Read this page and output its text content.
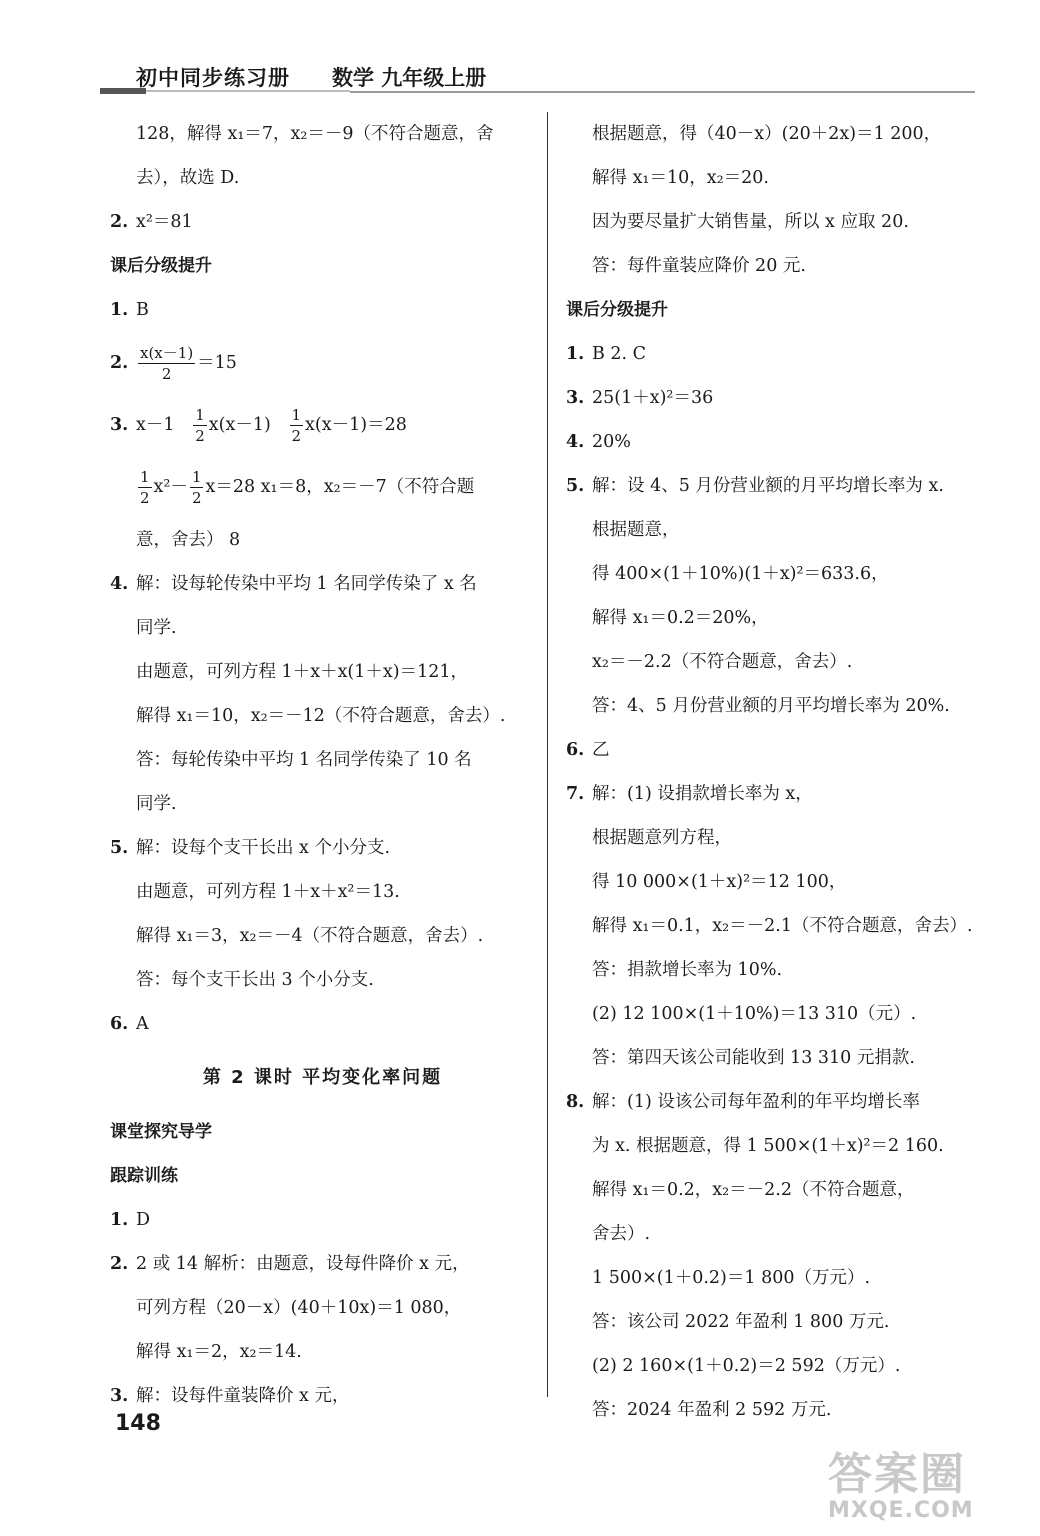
初中同步练习册 数学 九年级上册
128，解得 x₁＝7，x₂＝－9（不符合题意，舍
去），故选 D.
2. x²＝81
课后分级提升
1. B
2. $\frac{x(x-1)}{2} =15$
3. $x-1 \frac{1}{2} x(x-1) \frac{1}{2} x(x-1)=28$
$\frac{1}{2} x^2- \frac{1}{2} x=28$ x₁＝8，x₂＝－7（不符合题
意，舍去） 8
4. 解：设每轮传染中平均 1 名同学传染了 x 名
同学.
由题意，可列方程 1＋x＋x(1＋x)＝121，
解得 x₁＝10，x₂＝－12（不符合题意，舍去）.
答：每轮传染中平均 1 名同学传染了 10 名
同学.
5. 解：设每个支干长出 x 个小分支.
由题意，可列方程 1＋x＋x²＝13.
解得 x₁＝3，x₂＝－4（不符合题意，舍去）.
答：每个支干长出 3 个小分支.
6. A
第 2 课时 平均变化率问题
课堂探究导学
跟踪训练
1. D
2. 2 或 14 解析：由题意，设每件降价 x 元，
可列方程（20－x）(40＋10x)＝1 080，
解得 x₁＝2，x₂＝14.
3. 解：设每件童装降价 x 元，
根据题意，得（40－x）(20＋2x)＝1 200，
解得 x₁＝10，x₂＝20.
因为要尽量扩大销售量，所以 x 应取 20.
答：每件童装应降价 20 元.
课后分级提升
1. B 2. C
3. 25(1＋x)²＝36
4. 20%
5. 解：设 4、5 月份营业额的月平均增长率为 x.
根据题意，
得 400×(1＋10%)(1＋x)²＝633.6，
解得 x₁＝0.2＝20%，
x₂＝－2.2（不符合题意，舍去）.
答：4、5 月份营业额的月平均增长率为 20%.
6. 乙
7. 解：(1) 设捐款增长率为 x，
根据题意列方程，
得 10 000×(1＋x)²＝12 100，
解得 x₁＝0.1，x₂＝－2.1（不符合题意，舍去）.
答：捐款增长率为 10%.
(2) 12 100×(1＋10%)＝13 310（元）.
答：第四天该公司能收到 13 310 元捐款.
8. 解：(1) 设该公司每年盈利的年平均增长率
为 x. 根据题意，得 1 500×(1＋x)²＝2 160.
解得 x₁＝0.2，x₂＝－2.2（不符合题意，
舍去）.
1 500×(1＋0.2)＝1 800（万元）.
答：该公司 2022 年盈利 1 800 万元.
(2) 2 160×(1＋0.2)＝2 592（万元）.
答：2024 年盈利 2 592 万元.
148
答案圈
MXQE.COM
